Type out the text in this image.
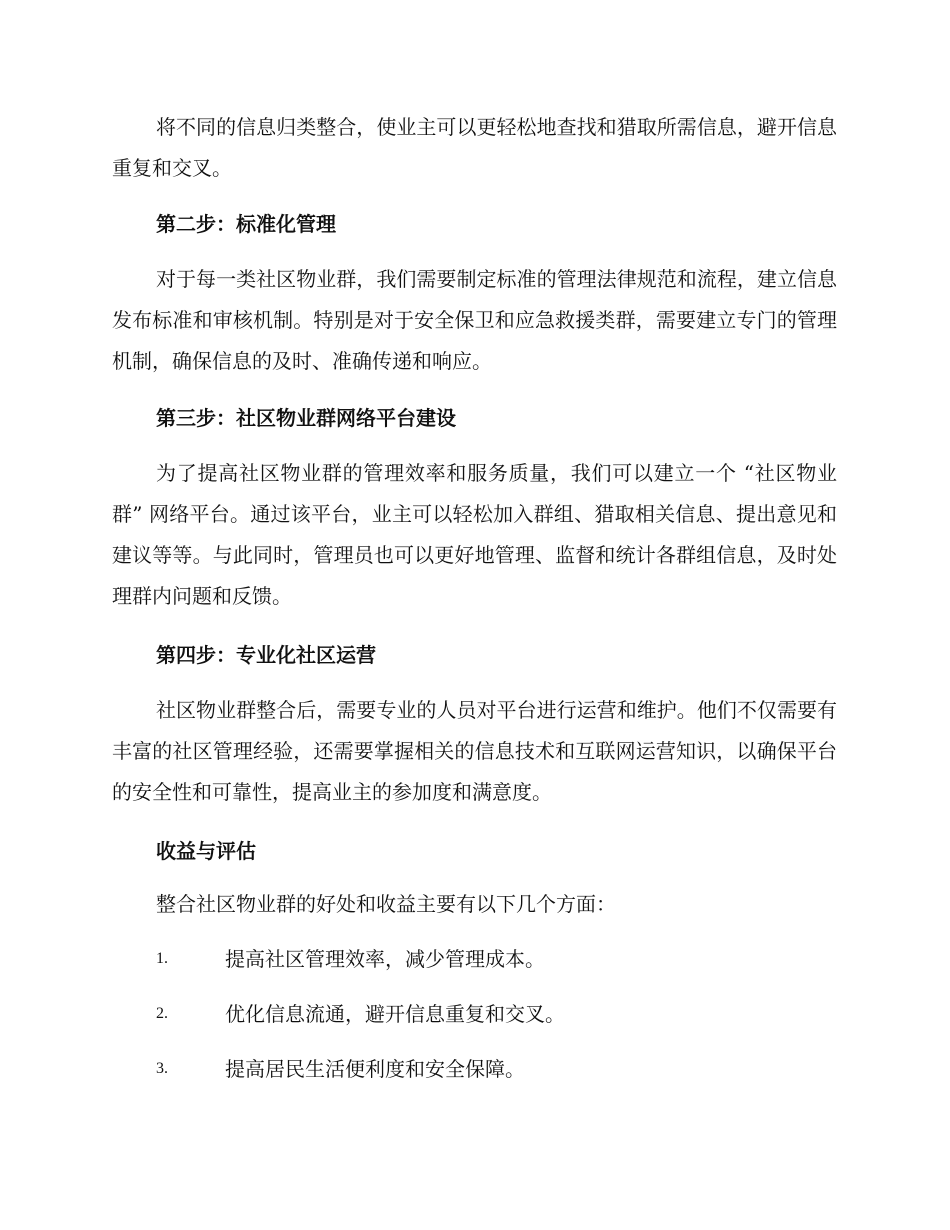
将不同的信息归类整合，使业主可以更轻松地查找和猎取所需信息，避开信息重复和交叉。

第二步：标准化管理

对于每一类社区物业群，我们需要制定标准的管理法律规范和流程，建立信息发布标准和审核机制。特别是对于安全保卫和应急救援类群，需要建立专门的管理机制，确保信息的及时、准确传递和响应。

第三步：社区物业群网络平台建设

为了提高社区物业群的管理效率和服务质量，我们可以建立一个 “社区物业群” 网络平台。通过该平台，业主可以轻松加入群组、猎取相关信息、提出意见和建议等等。与此同时，管理员也可以更好地管理、监督和统计各群组信息，及时处理群内问题和反馈。

第四步：专业化社区运营

社区物业群整合后，需要专业的人员对平台进行运营和维护。他们不仅需要有丰富的社区管理经验，还需要掌握相关的信息技术和互联网运营知识，以确保平台的安全性和可靠性，提高业主的参加度和满意度。

收益与评估

整合社区物业群的好处和收益主要有以下几个方面：

1.	提高社区管理效率，减少管理成本。
2.	优化信息流通，避开信息重复和交叉。
3.	提高居民生活便利度和安全保障。
